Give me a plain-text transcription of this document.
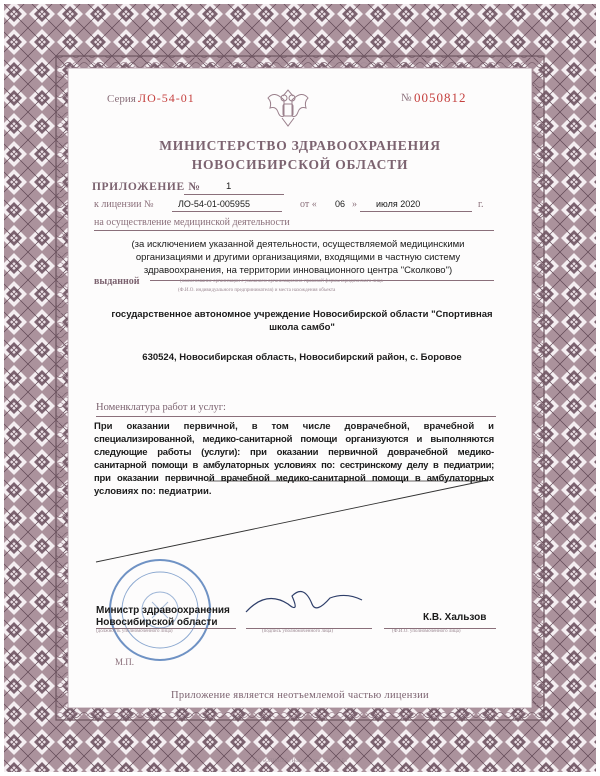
Серия ЛО-54-01	№ 0050812
МИНИСТЕРСТВО ЗДРАВООХРАНЕНИЯ
НОВОСИБИРСКОЙ ОБЛАСТИ
ПРИЛОЖЕНИЕ №	1
к лицензии №	ЛО-54-01-005955	от « 06 » июля 2020	г.
на осуществление медицинской деятельности
(за исключением указанной деятельности, осуществляемой медицинскими
организациями и другими организациями, входящими в частную систему
здравоохранения, на территории инновационного центра "Сколково")
выданной	(наименование организации с указанием организационно-правовой формы юридического лица
(Ф.И.О. индивидуального предпринимателя) и места нахождения объекта
государственное автономное учреждение Новосибирской области "Спортивная
школа самбо"
630524, Новосибирская область, Новосибирский район, с. Боровое
Номенклатура работ и услуг:
При оказании первичной, в том числе доврачебной, врачебной и
специализированной, медико-санитарной помощи организуются и выполняются
следующие работы (услуги): при оказании первичной доврачебной медико-
санитарной помощи в амбулаторных условиях по: сестринскому делу в педиатрии;
при оказании первичной врачебной медико-санитарной помощи в амбулаторных
условиях по: педиатрии.
Министр здравоохранения
Новосибирской области
(должность уполномоченного лица)	(подпись уполномоченного лица)
К.В. Хальзов
(Ф.И.О. уполномоченного лица)
М.П.
Приложение является неотъемлемой частью лицензии
ЗАО «ОПЦИОН», Новосибирск, 2018 г., «Б»
